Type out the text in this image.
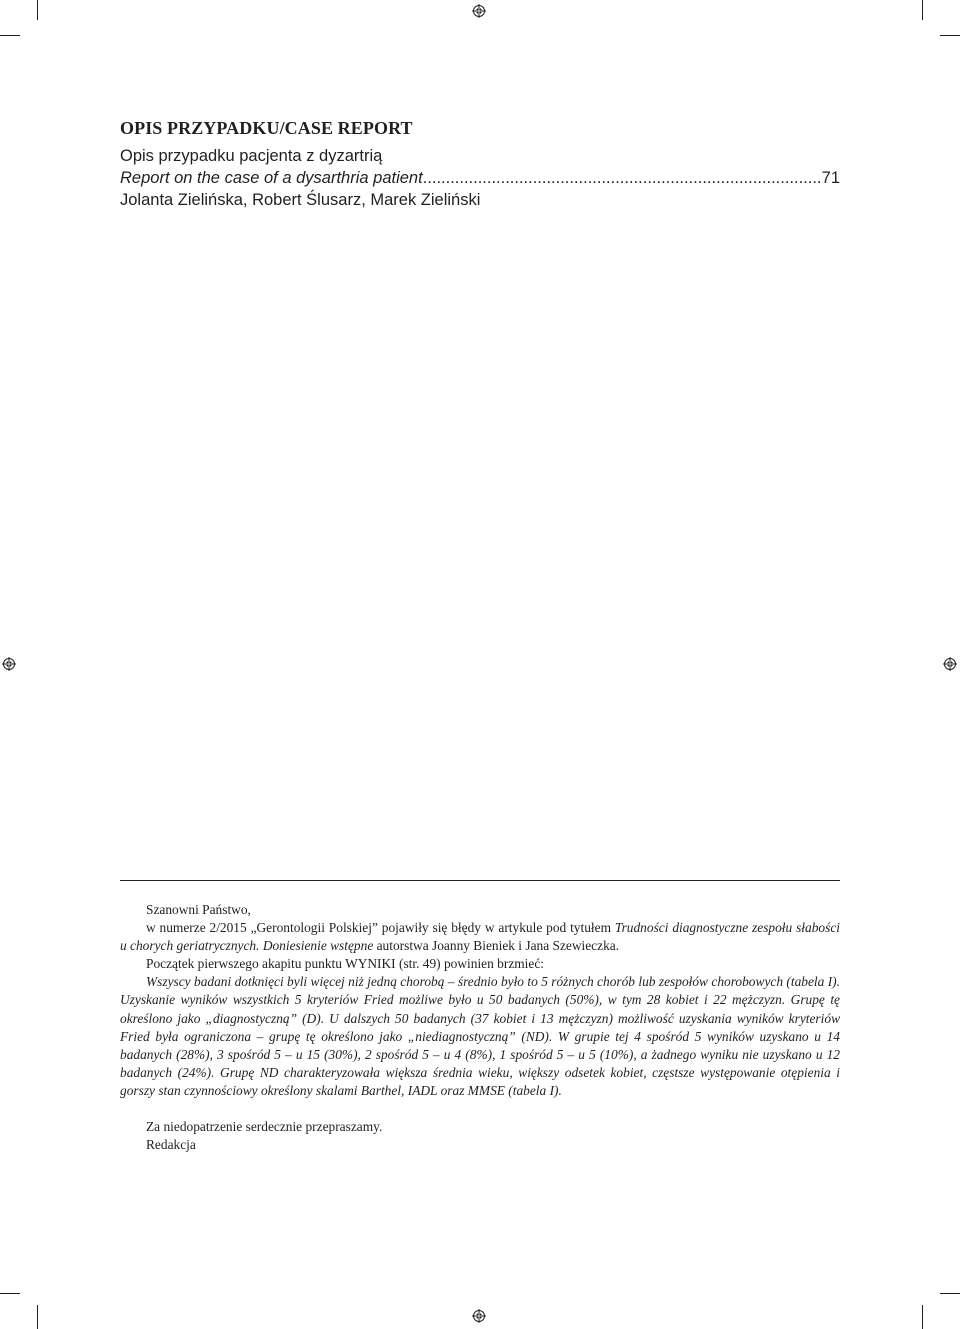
OPIS PRZYPADKU/CASE REPORT
Opis przypadku pacjenta z dyzartrią
Report on the case of a dysarthria patient
.....	71
Jolanta Zielińska, Robert Ślusarz, Marek Zieliński

Szanowni Państwo,

w numerze 2/2015 „Gerontologii Polskiej” pojawiły się błędy w artykule pod tytułem Trudności diagnostyczne zespołu słabości u chorych geriatrycznych. Doniesienie wstępne autorstwa Joanny Bieniek i Jana Szewieczka.

Początek pierwszego akapitu punktu WYNIKI (str. 49) powinien brzmieć:

Wszyscy badani dotknięci byli więcej niż jedną chorobą – średnio było to 5 różnych chorób lub zespołów chorobowych (tabela I). Uzyskanie wyników wszystkich 5 kryteriów Fried możliwe było u 50 badanych (50%), w tym 28 kobiet i 22 mężczyzn. Grupę tę określono jako „diagnostyczną” (D). U dalszych 50 badanych (37 kobiet i 13 mężczyzn) możliwość uzyskania wyników kryteriów Fried była ograniczona – grupę tę określono jako „niediagnostyczną” (ND). W grupie tej 4 spośród 5 wyników uzyskano u 14 badanych (28%), 3 spośród 5 – u 15 (30%), 2 spośród 5 – u 4 (8%), 1 spośród 5 – u 5 (10%), a żadnego wyniku nie uzyskano u 12 badanych (24%). Grupę ND charakteryzowała większa średnia wieku, większy odsetek kobiet, częstsze występowanie otępienia i gorszy stan czynnościowy określony skalami Barthel, IADL oraz MMSE (tabela I).

Za niedopatrzenie serdecznie przepraszamy.

Redakcja
